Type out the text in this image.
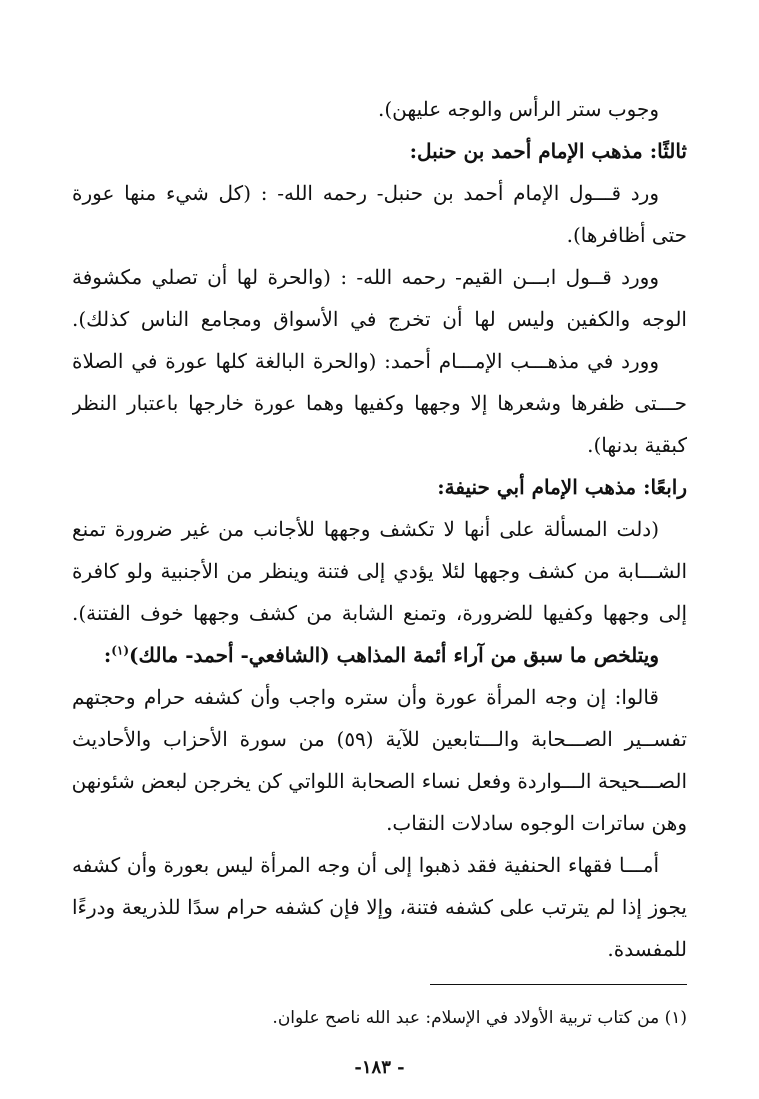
وجوب ستر الرأس والوجه عليهن).
ثالثًا: مذهب الإمام أحمد بن حنبل:
ورد قـــول الإمام أحمد بن حنبل- رحمه الله- : (كل شيء منها عورة
حتى أظافرها).
وورد قــول ابـــن القيم- رحمه الله- : (والحرة لها أن تصلي مكشوفة
الوجه والكفين وليس لها أن تخرج في الأسواق ومجامع الناس كذلك).
وورد في مذهـــب الإمـــام أحمد: (والحرة البالغة كلها عورة في الصلاة
حـــتى ظفرها وشعرها إلا وجهها وكفيها وهما عورة خارجها باعتبار النظر
كبقية بدنها).
رابعًا: مذهب الإمام أبي حنيفة:
(دلت المسألة على أنها لا تكشف وجهها للأجانب من غير ضرورة تمنع
الشـــابة من كشف وجهها لئلا يؤدي إلى فتنة وينظر من الأجنبية ولو كافرة
إلى وجهها وكفيها للضرورة، وتمنع الشابة من كشف وجهها خوف الفتنة).
ويتلخص ما سبق من آراء أئمة المذاهب (الشافعي- أحمد- مالك)$^{(١)}$:
قالوا: إن وجه المرأة عورة وأن ستره واجب وأن كشفه حرام وحجتهم
تفســير الصـــحابة والـــتابعين للآية (٥٩) من سورة الأحزاب والأحاديث
الصـــحيحة الـــواردة وفعل نساء الصحابة اللواتي كن يخرجن لبعض شئونهن
وهن ساترات الوجوه سادلات النقاب.
أمـــا فقهاء الحنفية فقد ذهبوا إلى أن وجه المرأة ليس بعورة وأن كشفه
يجوز إذا لم يترتب على كشفه فتنة، وإلا فإن كشفه حرام سدًا للذريعة ودرءًا
للمفسدة.
(١) من كتاب تربية الأولاد في الإسلام: عبد الله ناصح علوان.
- ١٨٣-
